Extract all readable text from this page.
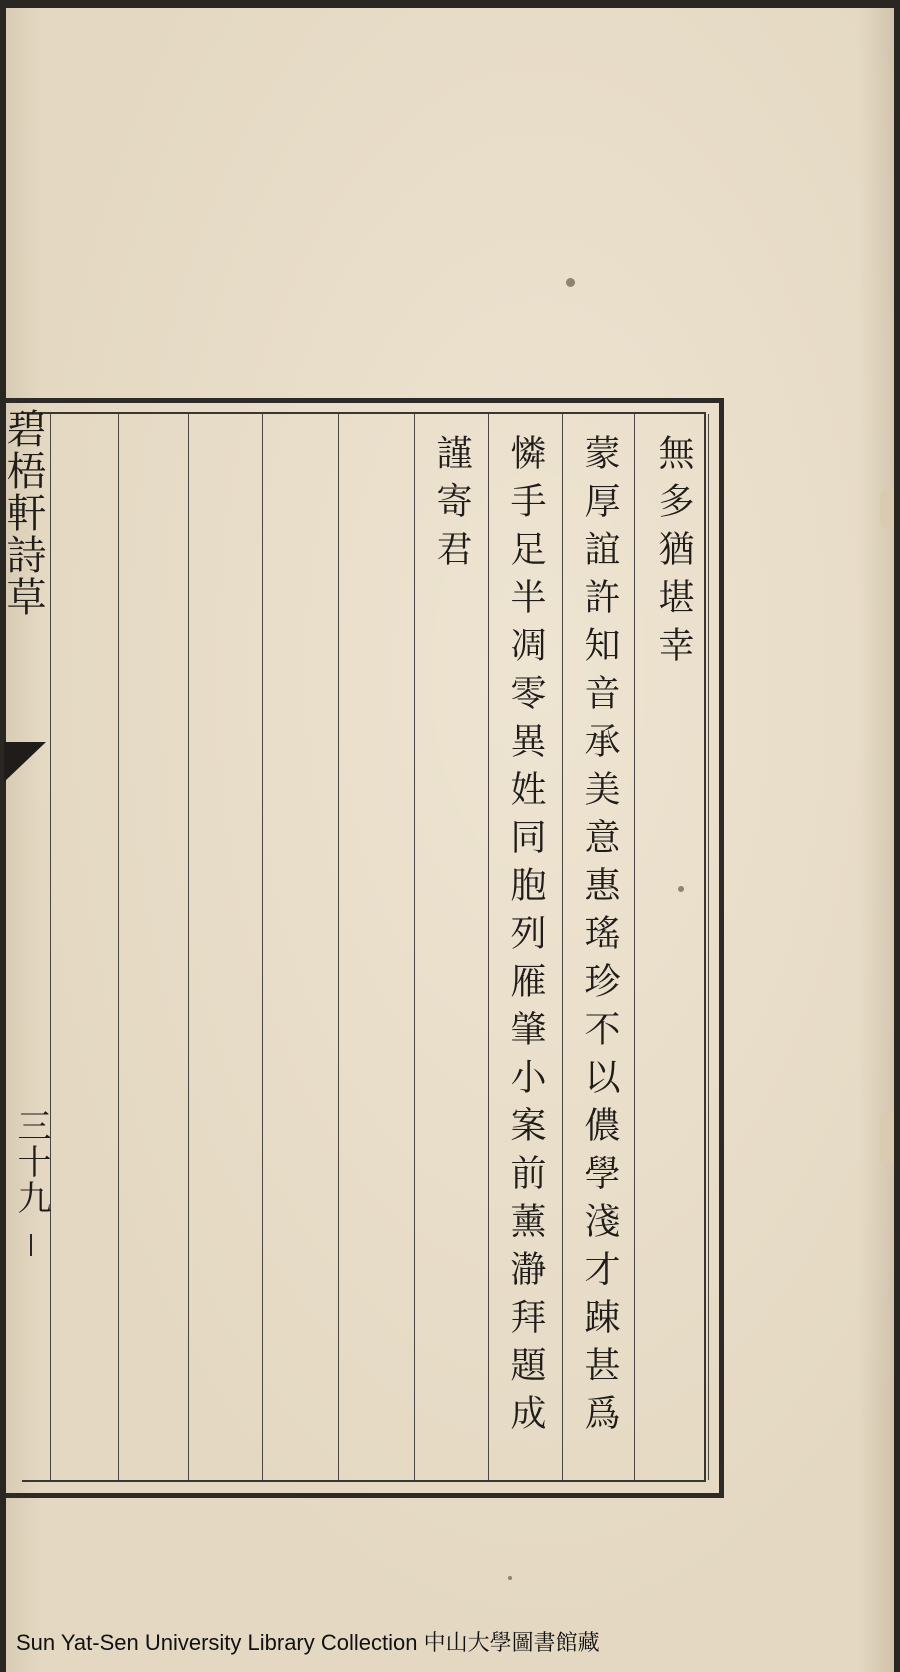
無多猶堪幸
蒙厚誼許知音承美意惠瑤珍不以儂學淺才踈甚爲
憐手足半凋零異姓同胞列雁肇小案前薰瀞拜題成
謹寄君
碧梧軒詩草
三十九
Sun Yat-Sen University Library Collection 中山大學圖書館藏
